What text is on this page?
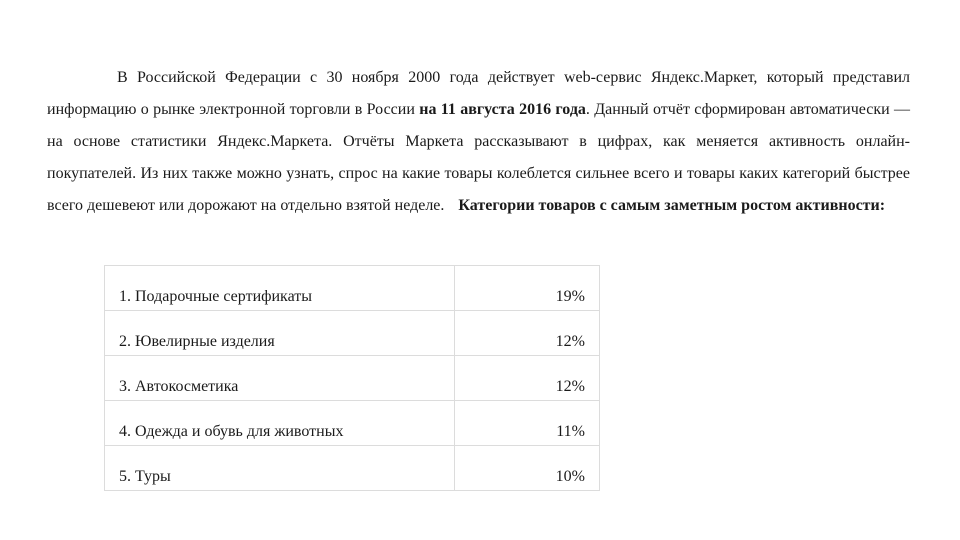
В Российской Федерации с 30 ноября 2000 года действует web-сервис Яндекс.Маркет, который представил информацию о рынке электронной торговли в России на 11 августа 2016 года. Данный отчёт сформирован автоматически — на основе статистики Яндекс.Маркета. Отчёты Маркета рассказывают в цифрах, как меняется активность онлайн-покупателей. Из них также можно узнать, спрос на какие товары колеблется сильнее всего и товары каких категорий быстрее всего дешевеют или дорожают на отдельно взятой неделе. Категории товаров с самым заметным ростом активности:

1. Подарочные сертификаты	19%
2. Ювелирные изделия	12%
3. Автокосметика	12%
4. Одежда и обувь для животных	11%
5. Туры	10%
